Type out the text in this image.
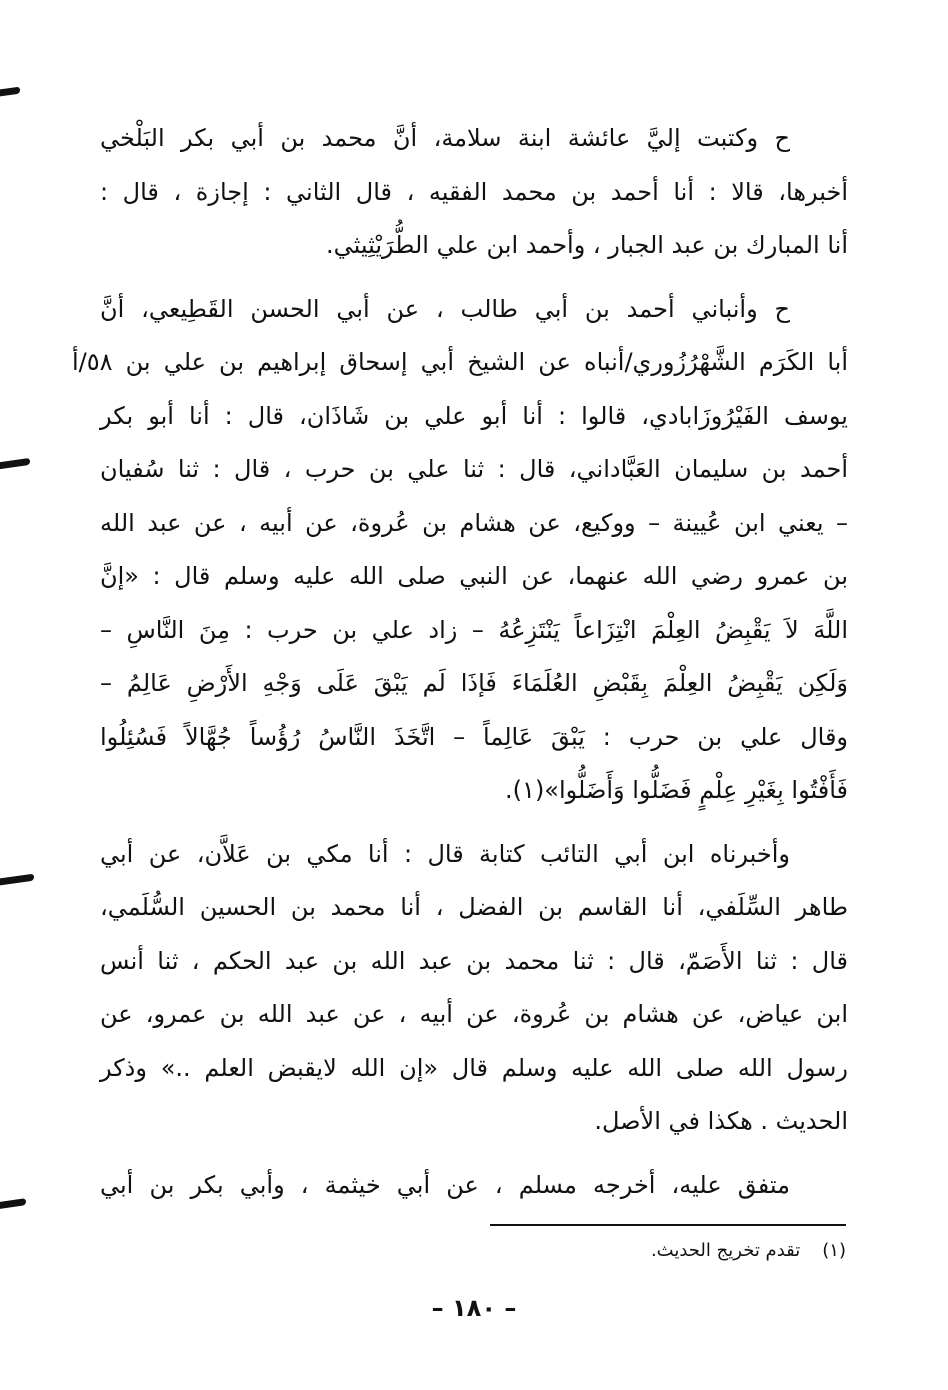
ح وكتبت إليَّ عائشة ابنة سلامة، أنَّ محمد بن أبي بكر البَلْخي
أخبرها، قالا : أنا أحمد بن محمد الفقيه ، قال الثاني : إجازة ، قال :
أنا المبارك بن عبد الجبار ، وأحمد ابن علي الطُّرَيْثِيثي.

ح وأنباني أحمد بن أبي طالب ، عن أبي الحسن القَطِيعي، أنَّ
أبا الكَرَم الشَّهْرُزُوري/أنباه عن الشيخ أبي إسحاق إبراهيم بن علي بن ٥٨/أ
يوسف الفَيْرُوزَابادي، قالوا : أنا أبو علي بن شَاذَان، قال : أنا أبو بكر
أحمد بن سليمان العَبَّاداني، قال : ثنا علي بن حرب ، قال : ثنا سُفيان
– يعني ابن عُيينة – ووكيع، عن هشام بن عُروة، عن أبيه ، عن عبد الله
بن عمرو رضي الله عنهما، عن النبي صلى الله عليه وسلم قال : «إنَّ
اللَّهَ لاَ يَقْبِضُ العِلْمَ انْتِزَاعاً يَنْتَزِعُهُ – زاد علي بن حرب : مِنَ النَّاسِ –
وَلَكِن يَقْبِضُ العِلْمَ بِقَبْضِ العُلَمَاءَ فَإذَا لَم يَبْقَ عَلَى وَجْهِ الأَرْضِ عَالِمُ –
وقال علي بن حرب : يَبْقَ عَالِماً – اتَّخَذَ النَّاسُ رُؤُساً جُهَّالاً فَسُئِلُوا
فَأَفْتُوا بِغَيْرِ عِلْمٍ فَضَلُّوا وَأَضَلُّوا»(١).

وأخبرناه ابن أبي التائب كتابة قال : أنا مكي بن عَلاَّن، عن أبي
طاهر السِّلَفي، أنا القاسم بن الفضل ، أنا محمد بن الحسين السُّلَمي،
قال : ثنا الأَصَمّ، قال : ثنا محمد بن عبد الله بن عبد الحكم ، ثنا أنس
ابن عياض، عن هشام بن عُروة، عن أبيه ، عن عبد الله بن عمرو، عن
رسول الله صلى الله عليه وسلم قال «إن الله لايقبض العلم ..» وذكر
الحديث . هكذا في الأصل.

متفق عليه، أخرجه مسلم ، عن أبي خيثمة ، وأبي بكر بن أبي

(١)تقدم تخريج الحديث.
– ١٨٠ –
